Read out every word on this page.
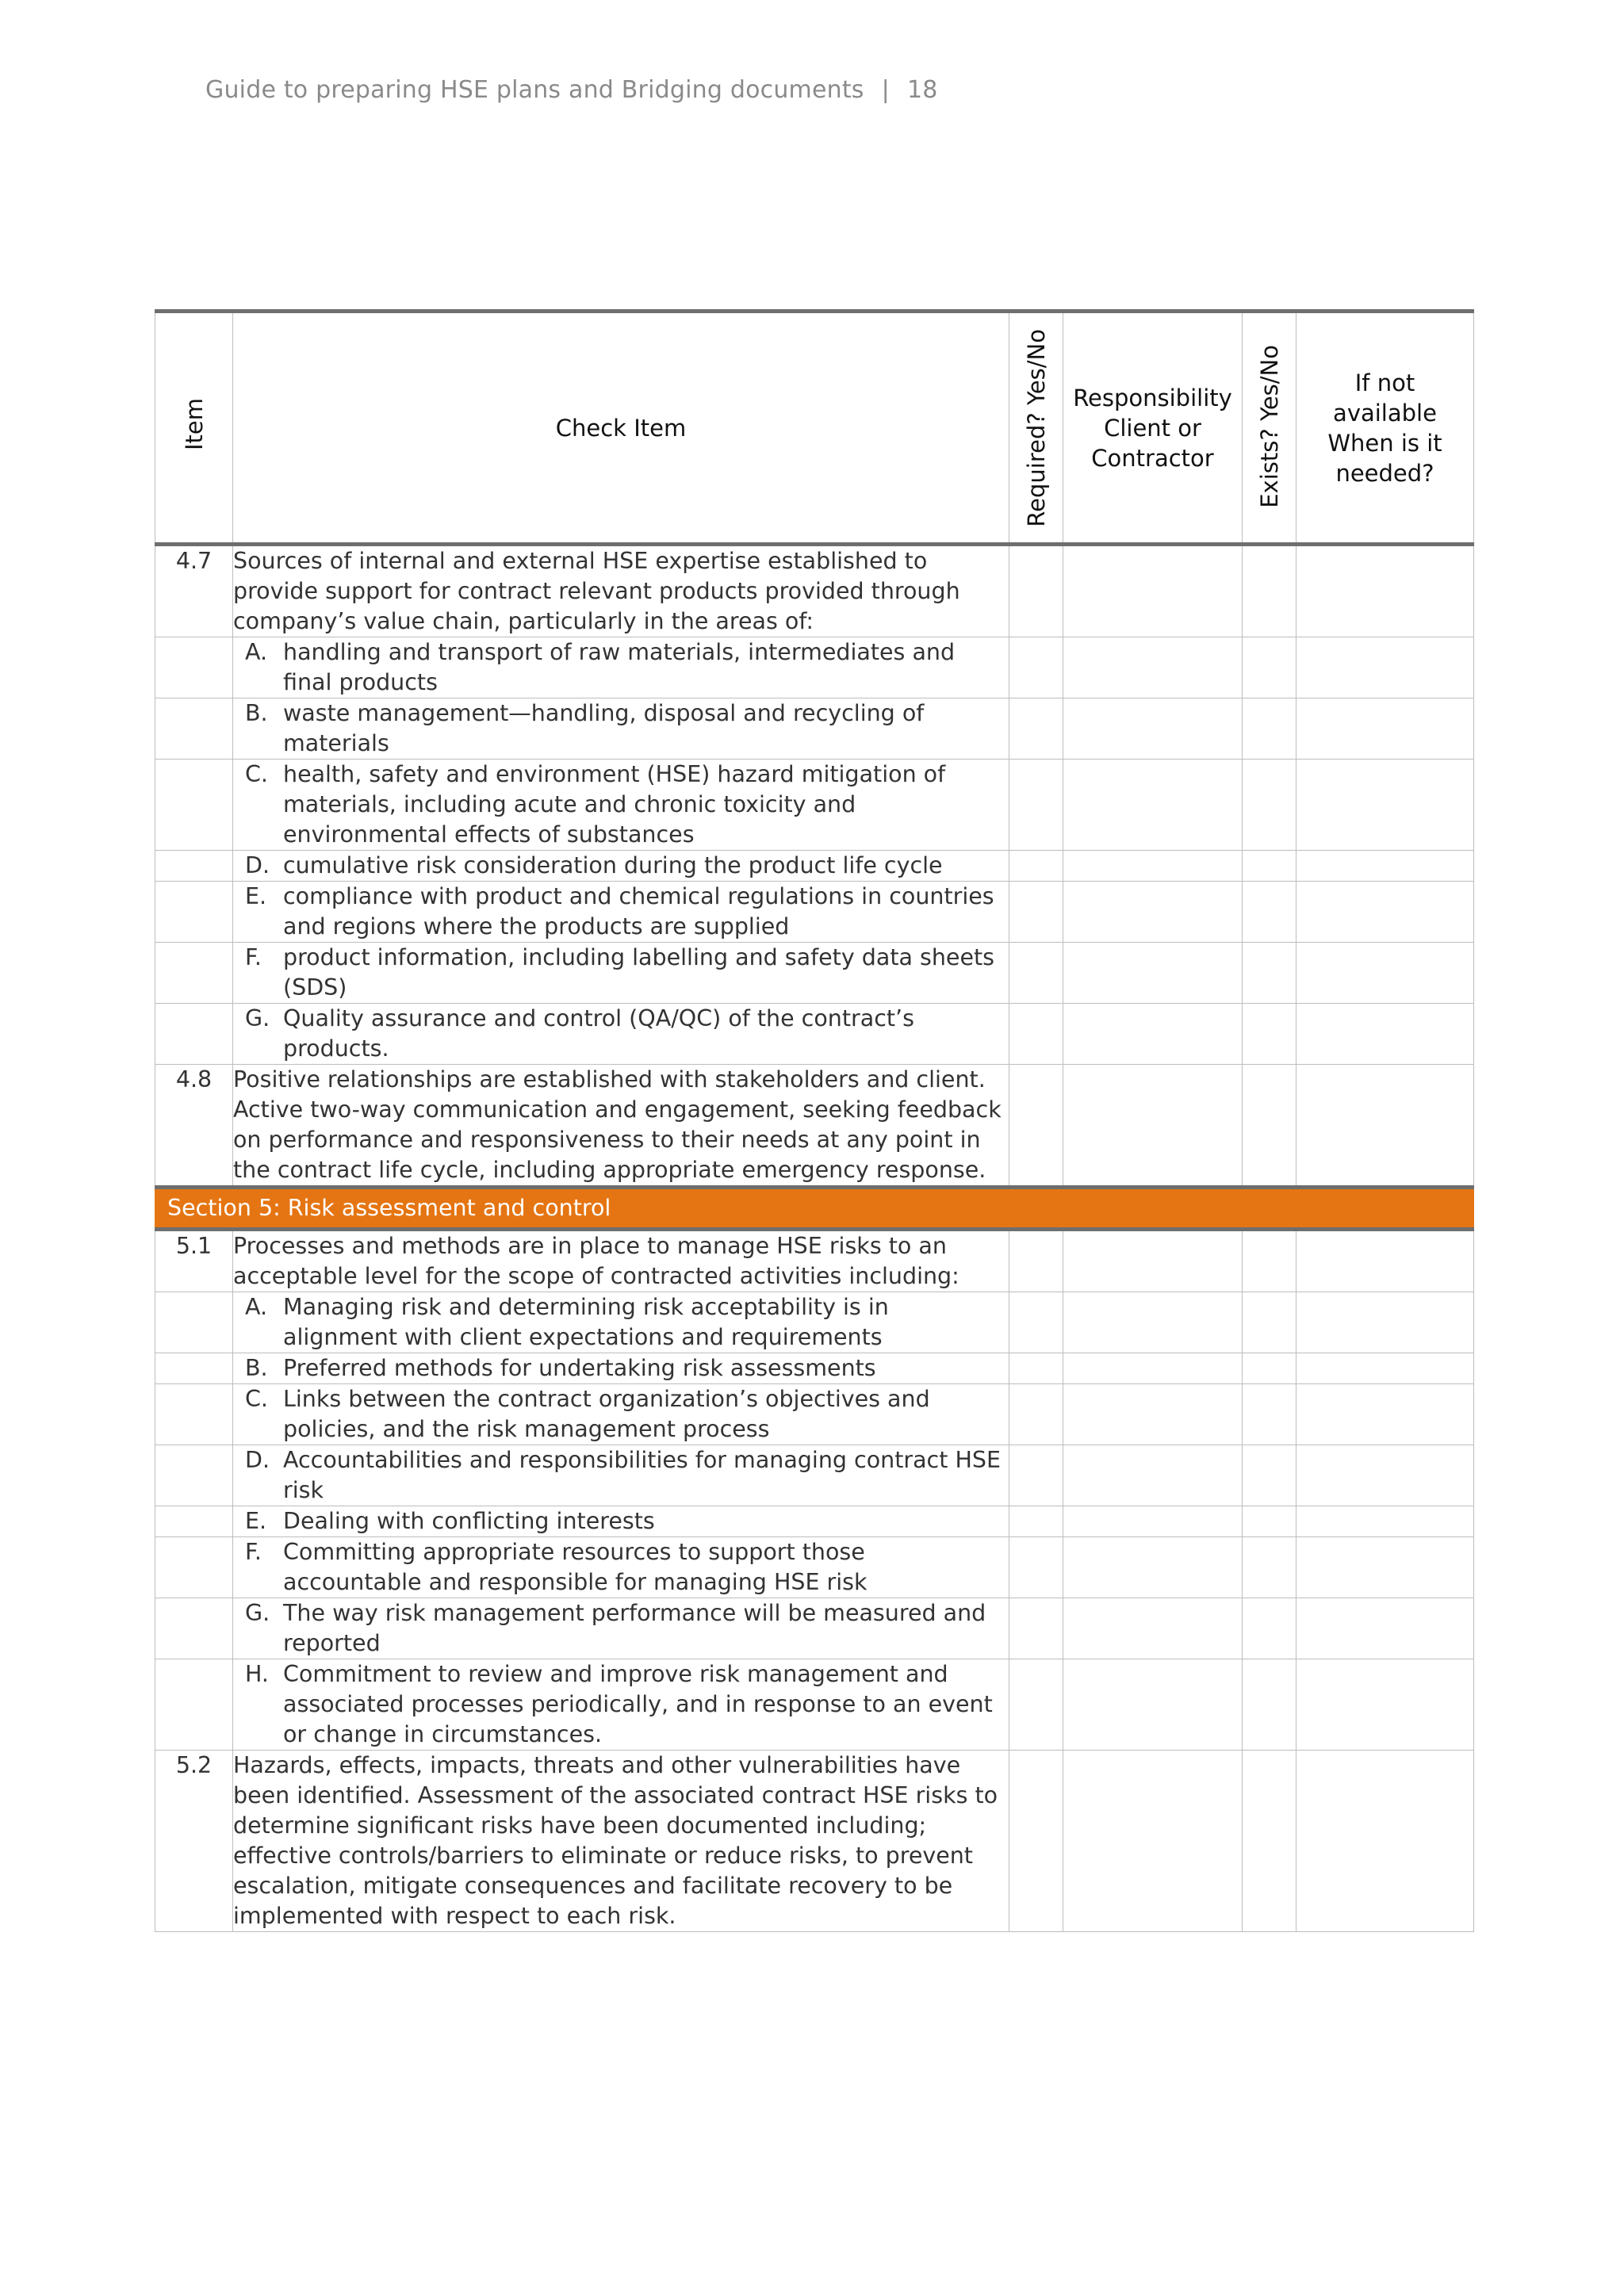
Guide to preparing HSE plans and Bridging documents | 18
Item	Check Item	Required? Yes/No	Responsibility Client or Contractor	Exists? Yes/No	If not available When is it needed?
4.7	Sources of internal and external HSE expertise established to provide support for contract relevant products provided through company’s value chain, particularly in the areas of:				

	A. handling and transport of raw materials, intermediates and final products				

	B. waste management—handling, disposal and recycling of materials				

	C. health, safety and environment (HSE) hazard mitigation of materials, including acute and chronic toxicity and environmental effects of substances				

	D. cumulative risk consideration during the product life cycle				

	E. compliance with product and chemical regulations in countries and regions where the products are supplied				

	F. product information, including labelling and safety data sheets (SDS)				

	G. Quality assurance and control (QA/QC) of the contract’s products.				

4.8	Positive relationships are established with stakeholders and client. Active two-way communication and engagement, seeking feedback on performance and responsiveness to their needs at any point in the contract life cycle, including appropriate emergency response.				
Section 5: Risk assessment and control					
5.1	Processes and methods are in place to manage HSE risks to an acceptable level for the scope of contracted activities including:				

	A. Managing risk and determining risk acceptability is in alignment with client expectations and requirements				

	B. Preferred methods for undertaking risk assessments				

	C. Links between the contract organization’s objectives and policies, and the risk management process				

	D. Accountabilities and responsibilities for managing contract HSE risk				

	E. Dealing with conflicting interests				

	F. Committing appropriate resources to support those accountable and responsible for managing HSE risk				

	G. The way risk management performance will be measured and reported				

	H. Commitment to review and improve risk management and associated processes periodically, and in response to an event or change in circumstances.				

5.2	Hazards, effects, impacts, threats and other vulnerabilities have been identified. Assessment of the associated contract HSE risks to determine significant risks have been documented including; effective controls/barriers to eliminate or reduce risks, to prevent escalation, mitigate consequences and facilitate recovery to be implemented with respect to each risk.				
